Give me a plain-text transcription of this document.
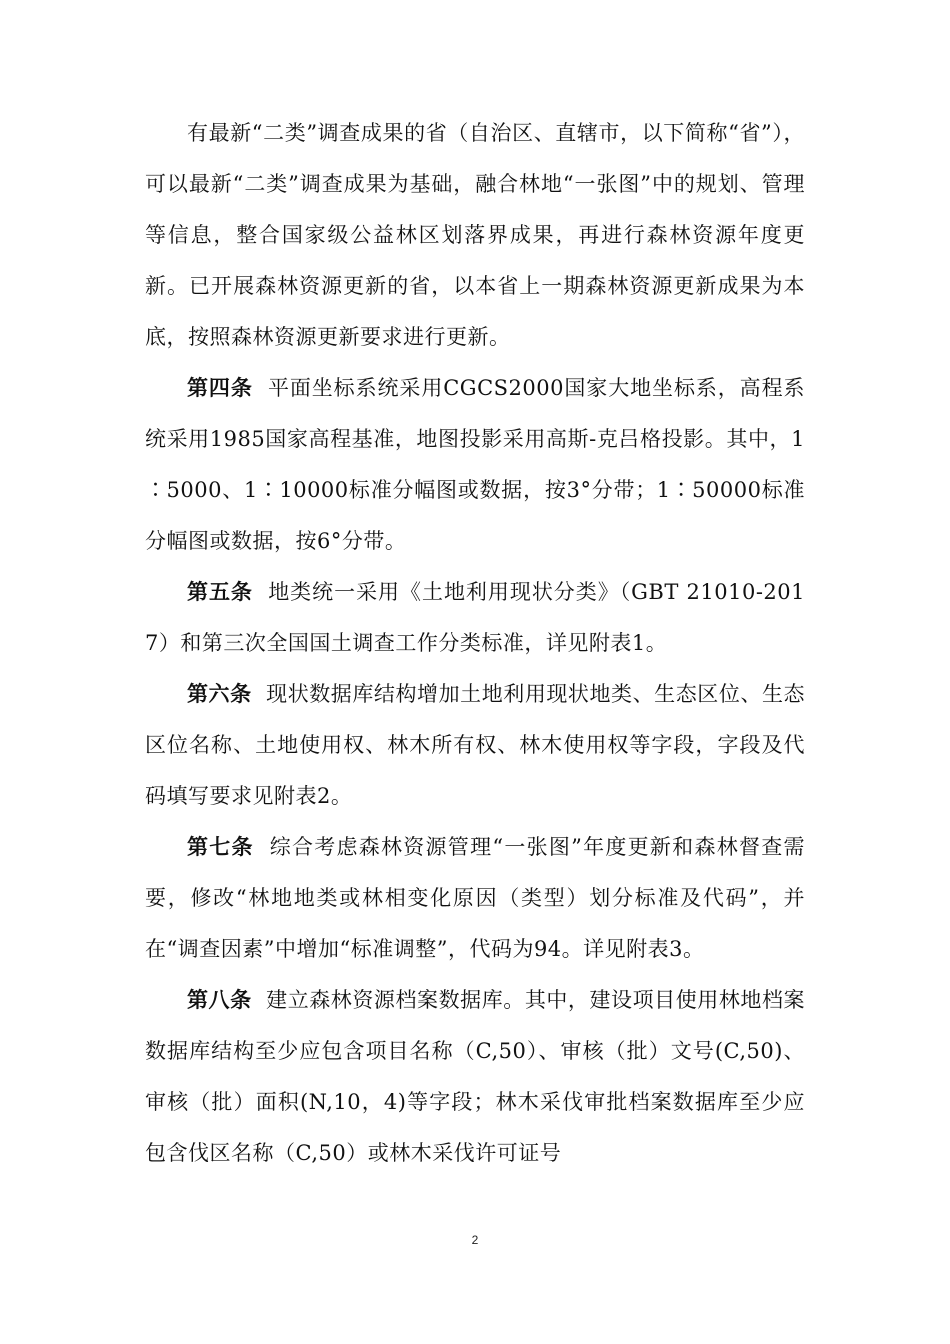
有最新“二类”调查成果的省（自治区、直辖市，以下简称“省”），可以最新“二类”调查成果为基础，融合林地“一张图”中的规划、管理等信息，整合国家级公益林区划落界成果，再进行森林资源年度更新。已开展森林资源更新的省，以本省上一期森林资源更新成果为本底，按照森林资源更新要求进行更新。

第四条 平面坐标系统采用CGCS2000国家大地坐标系，高程系统采用1985国家高程基准，地图投影采用高斯-克吕格投影。其中，1∶5000、1∶10000标准分幅图或数据，按3°分带；1∶50000标准分幅图或数据，按6°分带。

第五条 地类统一采用《土地利用现状分类》（GBT 21010-2017）和第三次全国国土调查工作分类标准，详见附表1。

第六条 现状数据库结构增加土地利用现状地类、生态区位、生态区位名称、土地使用权、林木所有权、林木使用权等字段，字段及代码填写要求见附表2。

第七条 综合考虑森林资源管理“一张图”年度更新和森林督查需要，修改“林地地类或林相变化原因（类型）划分标准及代码”，并在“调查因素”中增加“标准调整”，代码为94。详见附表3。

第八条 建立森林资源档案数据库。其中，建设项目使用林地档案数据库结构至少应包含项目名称（C,50）、审核（批）文号(C,50)、审核（批）面积(N,10，4)等字段；林木采伐审批档案数据库至少应包含伐区名称（C,50）或林木采伐许可证号

2
